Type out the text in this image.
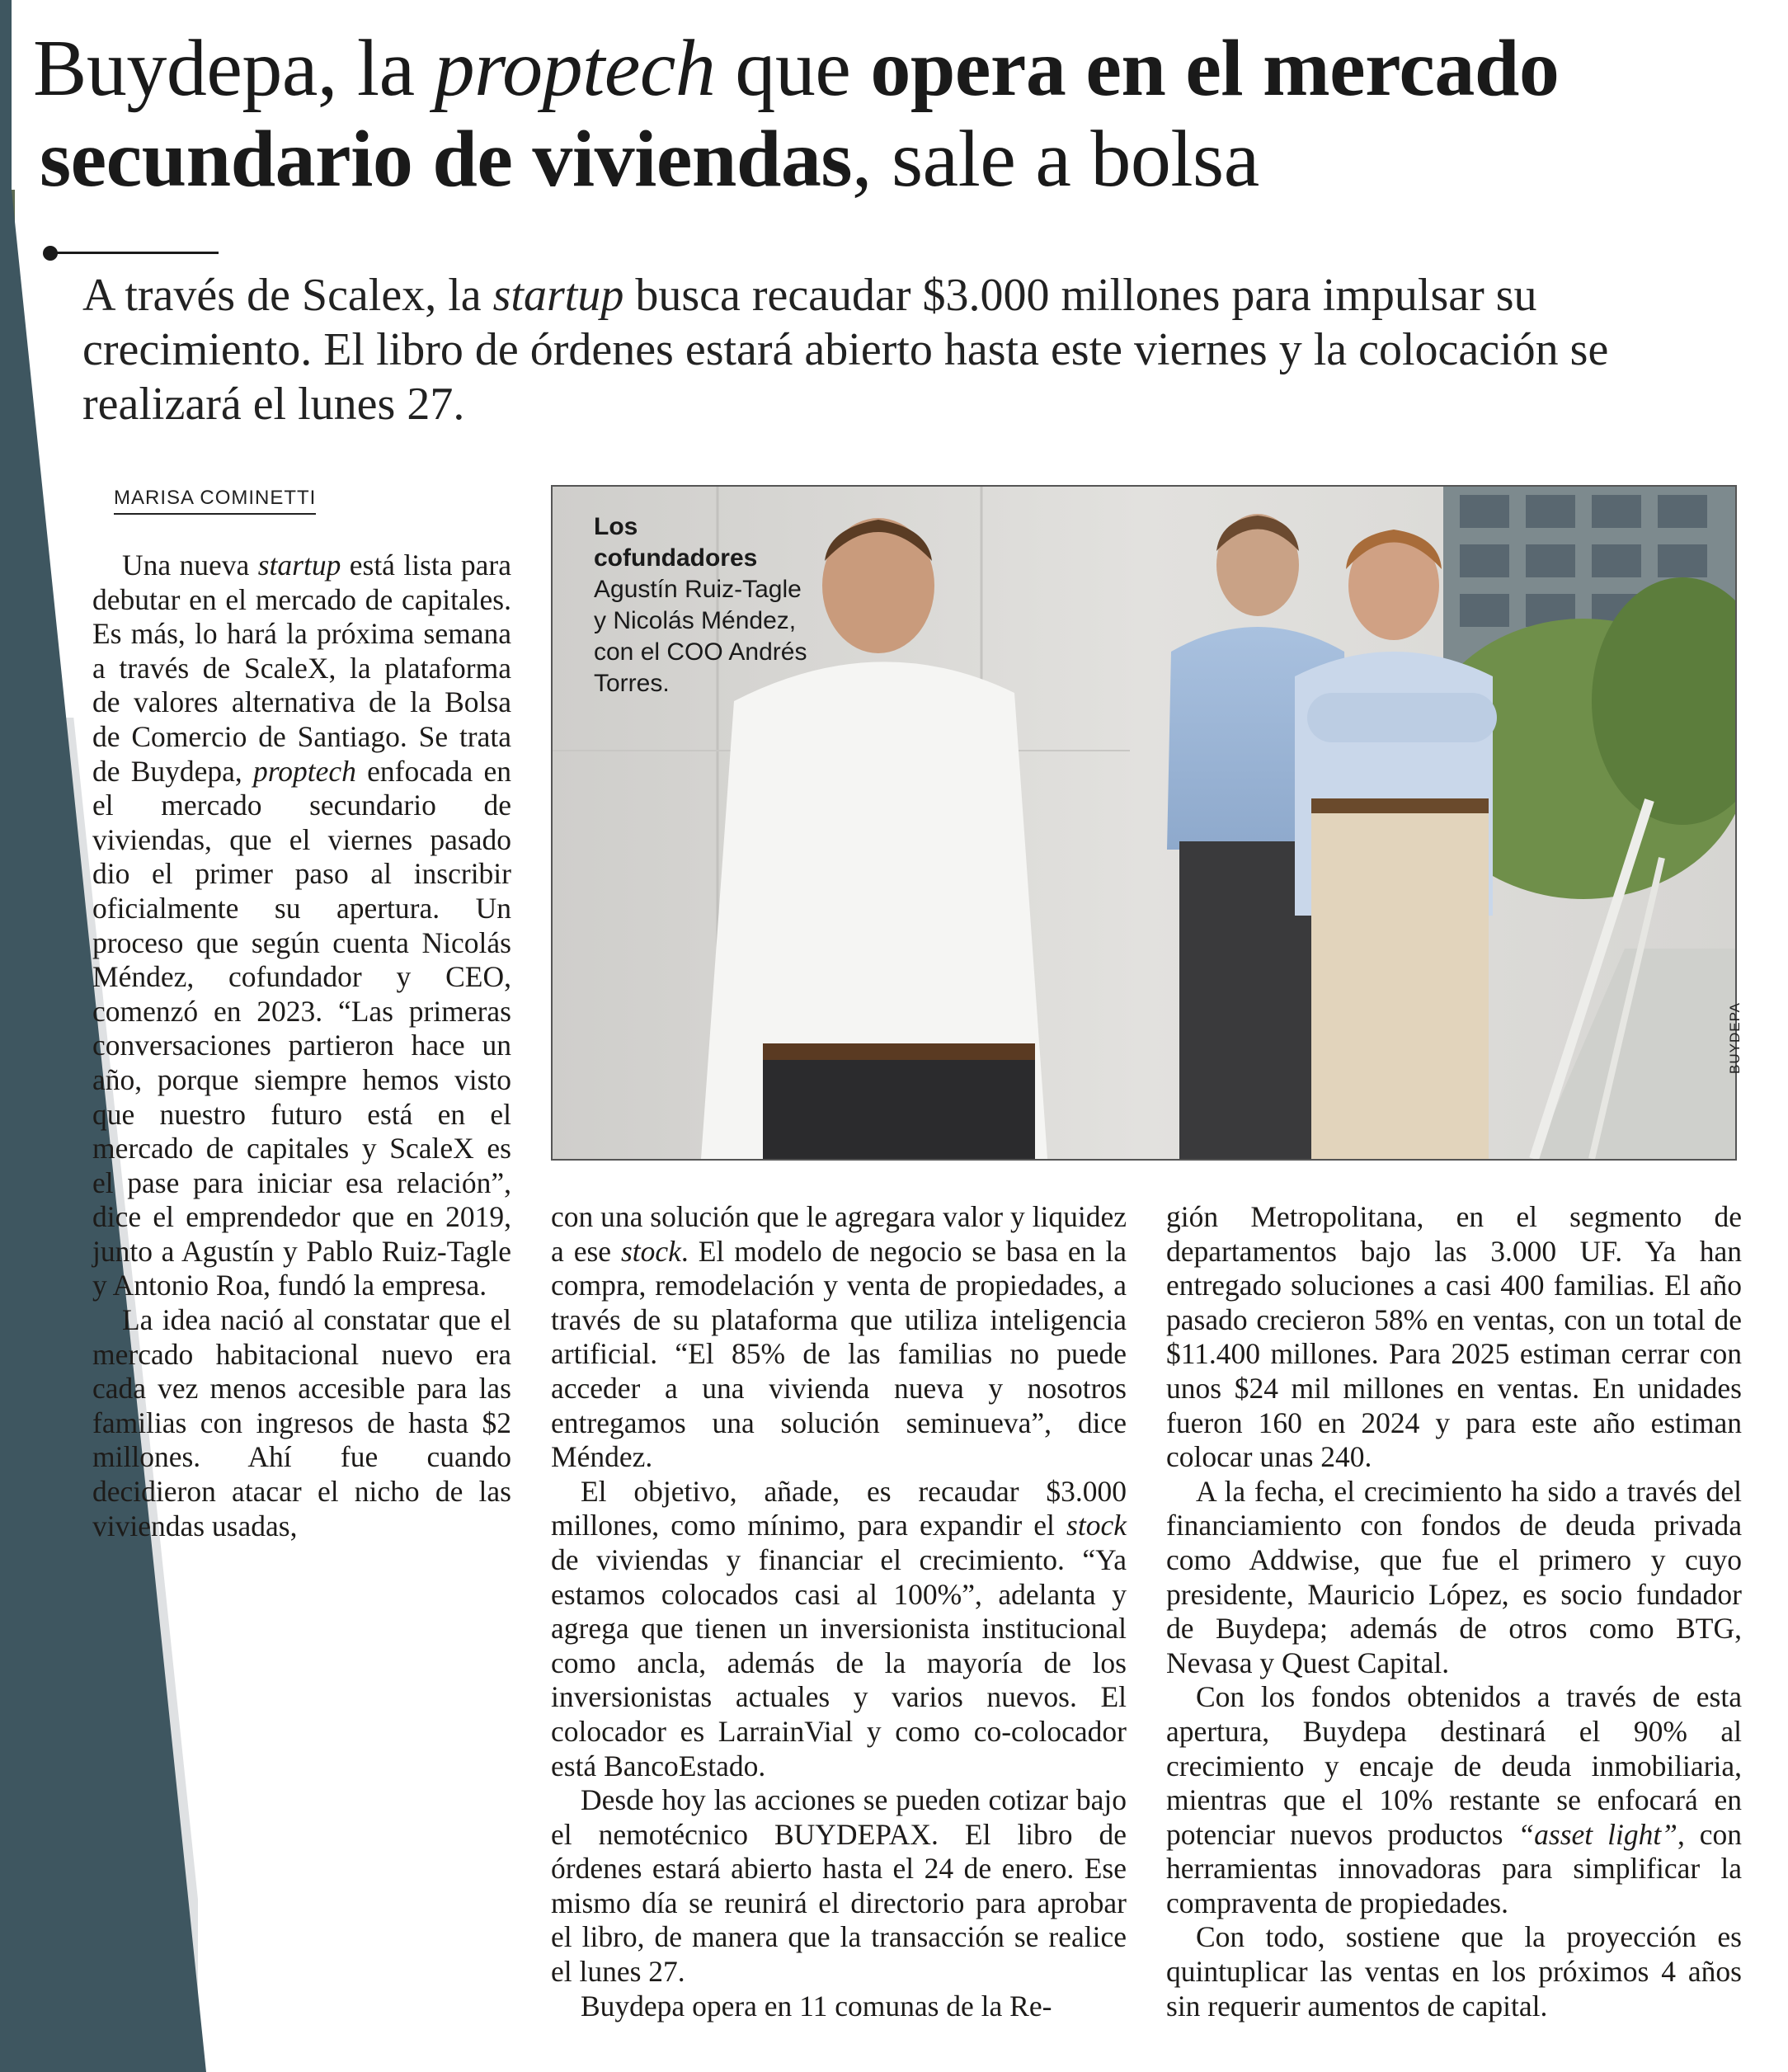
Buydepa, la proptech que opera en el mercado
secundario de viviendas, sale a bolsa
A través de Scalex, la startup busca recaudar $3.000 millones para impulsar su crecimiento. El libro de órdenes estará abierto hasta este viernes y la colocación se realizará el lunes 27.
MARISA COMINETTI

Una nueva startup está lista para debutar en el mercado de capitales. Es más, lo hará la próxima semana a través de ScaleX, la plataforma de valores alternativa de la Bolsa de Comercio de Santiago. Se trata de Buydepa, proptech enfocada en el mercado secundario de viviendas, que el viernes pasado dio el primer paso al inscribir oficialmente su apertura. Un proceso que según cuenta Nicolás Méndez, cofundador y CEO, comenzó en 2023. “Las primeras conversaciones partieron hace un año, porque siempre hemos visto que nuestro futuro está en el mercado de capitales y ScaleX es el pase para iniciar esa relación”, dice el emprendedor que en 2019, junto a Agustín y Pablo Ruiz-Tagle y Antonio Roa, fundó la empresa.

La idea nació al constatar que el mercado habitacional nuevo era cada vez menos accesible para las familias con ingresos de hasta $2 millones. Ahí fue cuando decidieron atacar el nicho de las viviendas usadas,

Los cofundadores Agustín Ruiz-Tagle y Nicolás Méndez, con el COO Andrés Torres.
BUYDEPA

con una solución que le agregara valor y liquidez a ese stock. El modelo de negocio se basa en la compra, remodelación y venta de propiedades, a través de su plataforma que utiliza inteligencia artificial. “El 85% de las familias no puede acceder a una vivienda nueva y nosotros entregamos una solución seminueva”, dice Méndez.

El objetivo, añade, es recaudar $3.000 millones, como mínimo, para expandir el stock de viviendas y financiar el crecimiento. “Ya estamos colocados casi al 100%”, adelanta y agrega que tienen un inversionista institucional como ancla, además de la mayoría de los inversionistas actuales y varios nuevos. El colocador es LarrainVial y como co-colocador está BancoEstado.

Desde hoy las acciones se pueden cotizar bajo el nemotécnico BUYDEPAX. El libro de órdenes estará abierto hasta el 24 de enero. Ese mismo día se reunirá el directorio para aprobar el libro, de manera que la transacción se realice el lunes 27.

Buydepa opera en 11 comunas de la Re-

gión Metropolitana, en el segmento de departamentos bajo las 3.000 UF. Ya han entregado soluciones a casi 400 familias. El año pasado crecieron 58% en ventas, con un total de $11.400 millones. Para 2025 estiman cerrar con unos $24 mil millones en ventas. En unidades fueron 160 en 2024 y para este año estiman colocar unas 240.

A la fecha, el crecimiento ha sido a través del financiamiento con fondos de deuda privada como Addwise, que fue el primero y cuyo presidente, Mauricio López, es socio fundador de Buydepa; además de otros como BTG, Nevasa y Quest Capital.

Con los fondos obtenidos a través de esta apertura, Buydepa destinará el 90% al crecimiento y encaje de deuda inmobiliaria, mientras que el 10% restante se enfocará en potenciar nuevos productos “asset light”, con herramientas innovadoras para simplificar la compraventa de propiedades.

Con todo, sostiene que la proyección es quintuplicar las ventas en los próximos 4 años sin requerir aumentos de capital.
